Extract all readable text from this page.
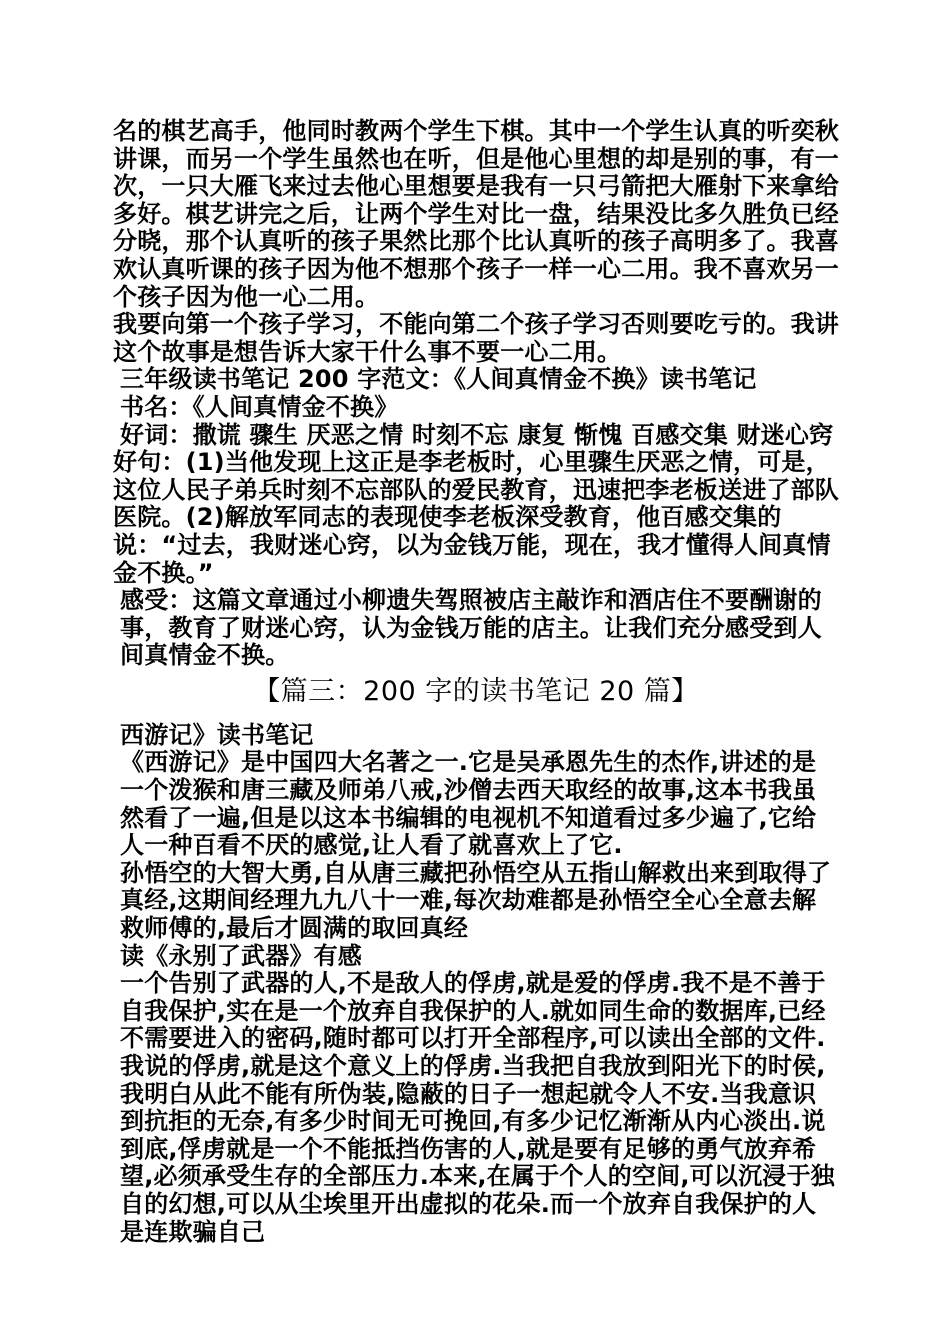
名的棋艺高手，他同时教两个学生下棋。其中一个学生认真的听奕秋讲课，而另一个学生虽然也在听，但是他心里想的却是别的事，有一次，一只大雁飞来过去他心里想要是我有一只弓箭把大雁射下来拿给多好。棋艺讲完之后，让两个学生对比一盘，结果没比多久胜负已经分晓，那个认真听的孩子果然比那个比认真听的孩子高明多了。我喜欢认真听课的孩子因为他不想那个孩子一样一心二用。我不喜欢另一个孩子因为他一心二用。

我要向第一个孩子学习，不能向第二个孩子学习否则要吃亏的。我讲这个故事是想告诉大家干什么事不要一心二用。

三年级读书笔记 200 字范文：《人间真情金不换》读书笔记

书名：《人间真情金不换》

好词：撒谎 骤生 厌恶之情 时刻不忘 康复 惭愧 百感交集 财迷心窍

好句：(1)当他发现上这正是李老板时，心里骤生厌恶之情，可是，这位人民子弟兵时刻不忘部队的爱民教育，迅速把李老板送进了部队医院。(2)解放军同志的表现使李老板深受教育，他百感交集的说：“过去，我财迷心窍，以为金钱万能，现在，我才懂得人间真情金不换。”

感受：这篇文章通过小柳遗失驾照被店主敲诈和酒店住不要酬谢的事，教育了财迷心窍，认为金钱万能的店主。让我们充分感受到人间真情金不换。

【篇三：200 字的读书笔记 20 篇】

西游记》读书笔记

《西游记》是中国四大名著之一.它是吴承恩先生的杰作,讲述的是一个泼猴和唐三藏及师弟八戒,沙僧去西天取经的故事,这本书我虽然看了一遍,但是以这本书编辑的电视机不知道看过多少遍了,它给人一种百看不厌的感觉,让人看了就喜欢上了它.

孙悟空的大智大勇,自从唐三藏把孙悟空从五指山解救出来到取得了真经,这期间经理九九八十一难,每次劫难都是孙悟空全心全意去解救师傅的,最后才圆满的取回真经

读《永别了武器》有感

一个告别了武器的人,不是敌人的俘虏,就是爱的俘虏.我不是不善于自我保护,实在是一个放弃自我保护的人.就如同生命的数据库,已经不需要进入的密码,随时都可以打开全部程序,可以读出全部的文件.我说的俘虏,就是这个意义上的俘虏.当我把自我放到阳光下的时侯,我明白从此不能有所伪装,隐蔽的日子一想起就令人不安.当我意识到抗拒的无奈,有多少时间无可挽回,有多少记忆渐渐从内心淡出.说到底,俘虏就是一个不能抵挡伤害的人,就是要有足够的勇气放弃希望,必须承受生存的全部压力.本来,在属于个人的空间,可以沉浸于独自的幻想,可以从尘埃里开出虚拟的花朵.而一个放弃自我保护的人是连欺骗自己
